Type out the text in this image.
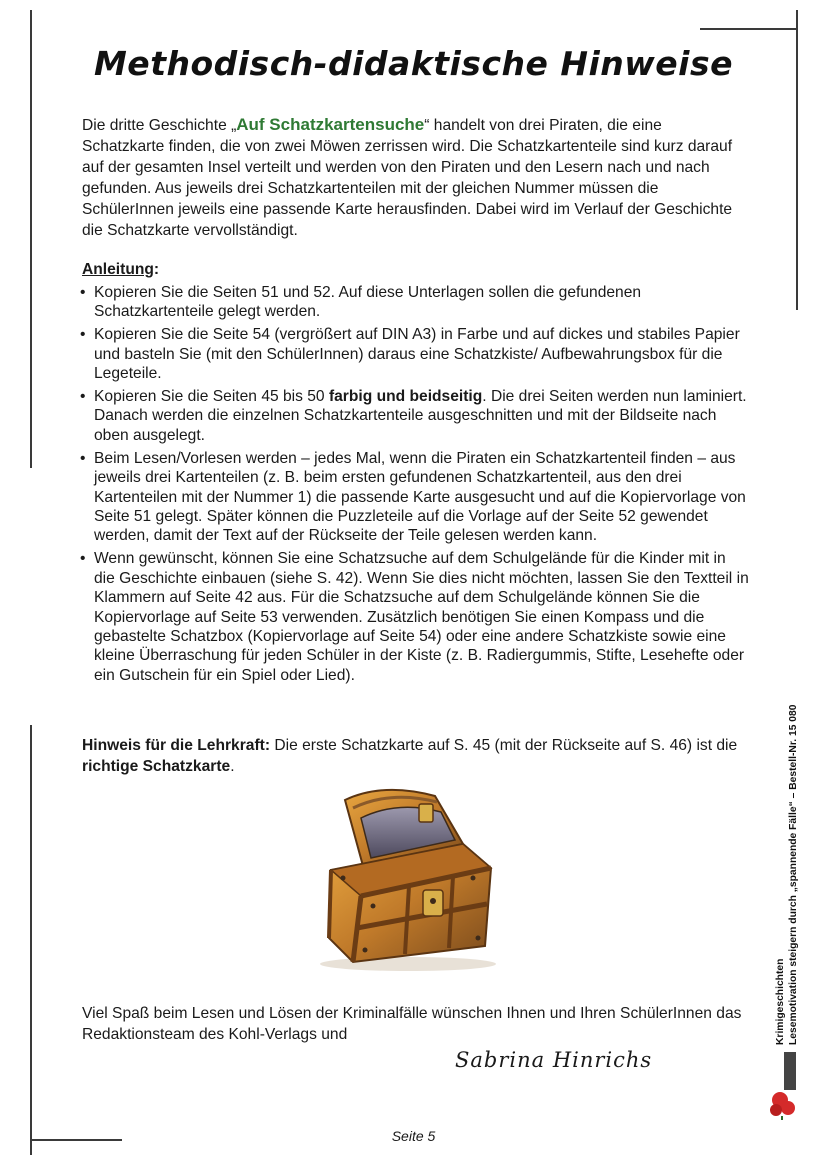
Methodisch-didaktische Hinweise
Die dritte Geschichte „Auf Schatzkartensuche“ handelt von drei Piraten, die eine Schatzkarte finden, die von zwei Möwen zerrissen wird. Die Schatzkartenteile sind kurz darauf auf der gesamten Insel verteilt und werden von den Piraten und den Lesern nach und nach gefunden. Aus jeweils drei Schatzkartenteilen mit der gleichen Nummer müssen die SchülerInnen jeweils eine passende Karte herausfinden. Dabei wird im Verlauf der Geschichte die Schatzkarte vervollständigt.
Anleitung:
• Kopieren Sie die Seiten 51 und 52. Auf diese Unterlagen sollen die gefundenen Schatzkartenteile gelegt werden.
• Kopieren Sie die Seite 54 (vergrößert auf DIN A3) in Farbe und auf dickes und stabiles Papier und basteln Sie (mit den SchülerInnen) daraus eine Schatzkiste/ Aufbewahrungsbox für die Legeteile.
• Kopieren Sie die Seiten 45 bis 50 farbig und beidseitig. Die drei Seiten werden nun laminiert. Danach werden die einzelnen Schatzkartenteile ausgeschnitten und mit der Bildseite nach oben ausgelegt.
• Beim Lesen/Vorlesen werden – jedes Mal, wenn die Piraten ein Schatzkartenteil finden – aus jeweils drei Kartenteilen (z. B. beim ersten gefundenen Schatzkartenteil, aus den drei Kartenteilen mit der Nummer 1) die passende Karte ausgesucht und auf die Kopiervorlage von Seite 51 gelegt. Später können die Puzzleteile auf die Vorlage auf der Seite 52 gewendet werden, damit der Text auf der Rückseite der Teile gelesen werden kann.
• Wenn gewünscht, können Sie eine Schatzsuche auf dem Schulgelände für die Kinder mit in die Geschichte einbauen (siehe S. 42). Wenn Sie dies nicht möchten, lassen Sie den Textteil in Klammern auf Seite 42 aus. Für die Schatzsuche auf dem Schulgelände können Sie die Kopiervorlage auf Seite 53 verwenden. Zusätzlich benötigen Sie einen Kompass und die gebastelte Schatzbox (Kopiervorlage auf Seite 54) oder eine andere Schatzkiste sowie eine kleine Überraschung für jeden Schüler in der Kiste (z. B. Radiergummis, Stifte, Lesehefte oder ein Gutschein für ein Spiel oder Lied).
Hinweis für die Lehrkraft: Die erste Schatzkarte auf S. 45 (mit der Rückseite auf S. 46) ist die richtige Schatzkarte.
Viel Spaß beim Lesen und Lösen der Kriminalfälle wünschen Ihnen und Ihren SchülerInnen das Redaktionsteam des Kohl-Verlags und
Sabrina Hinrichs
Krimigeschichten Lesemotivation steigern durch „spannende Fälle“ – Bestell-Nr. 15 080
Seite 5
